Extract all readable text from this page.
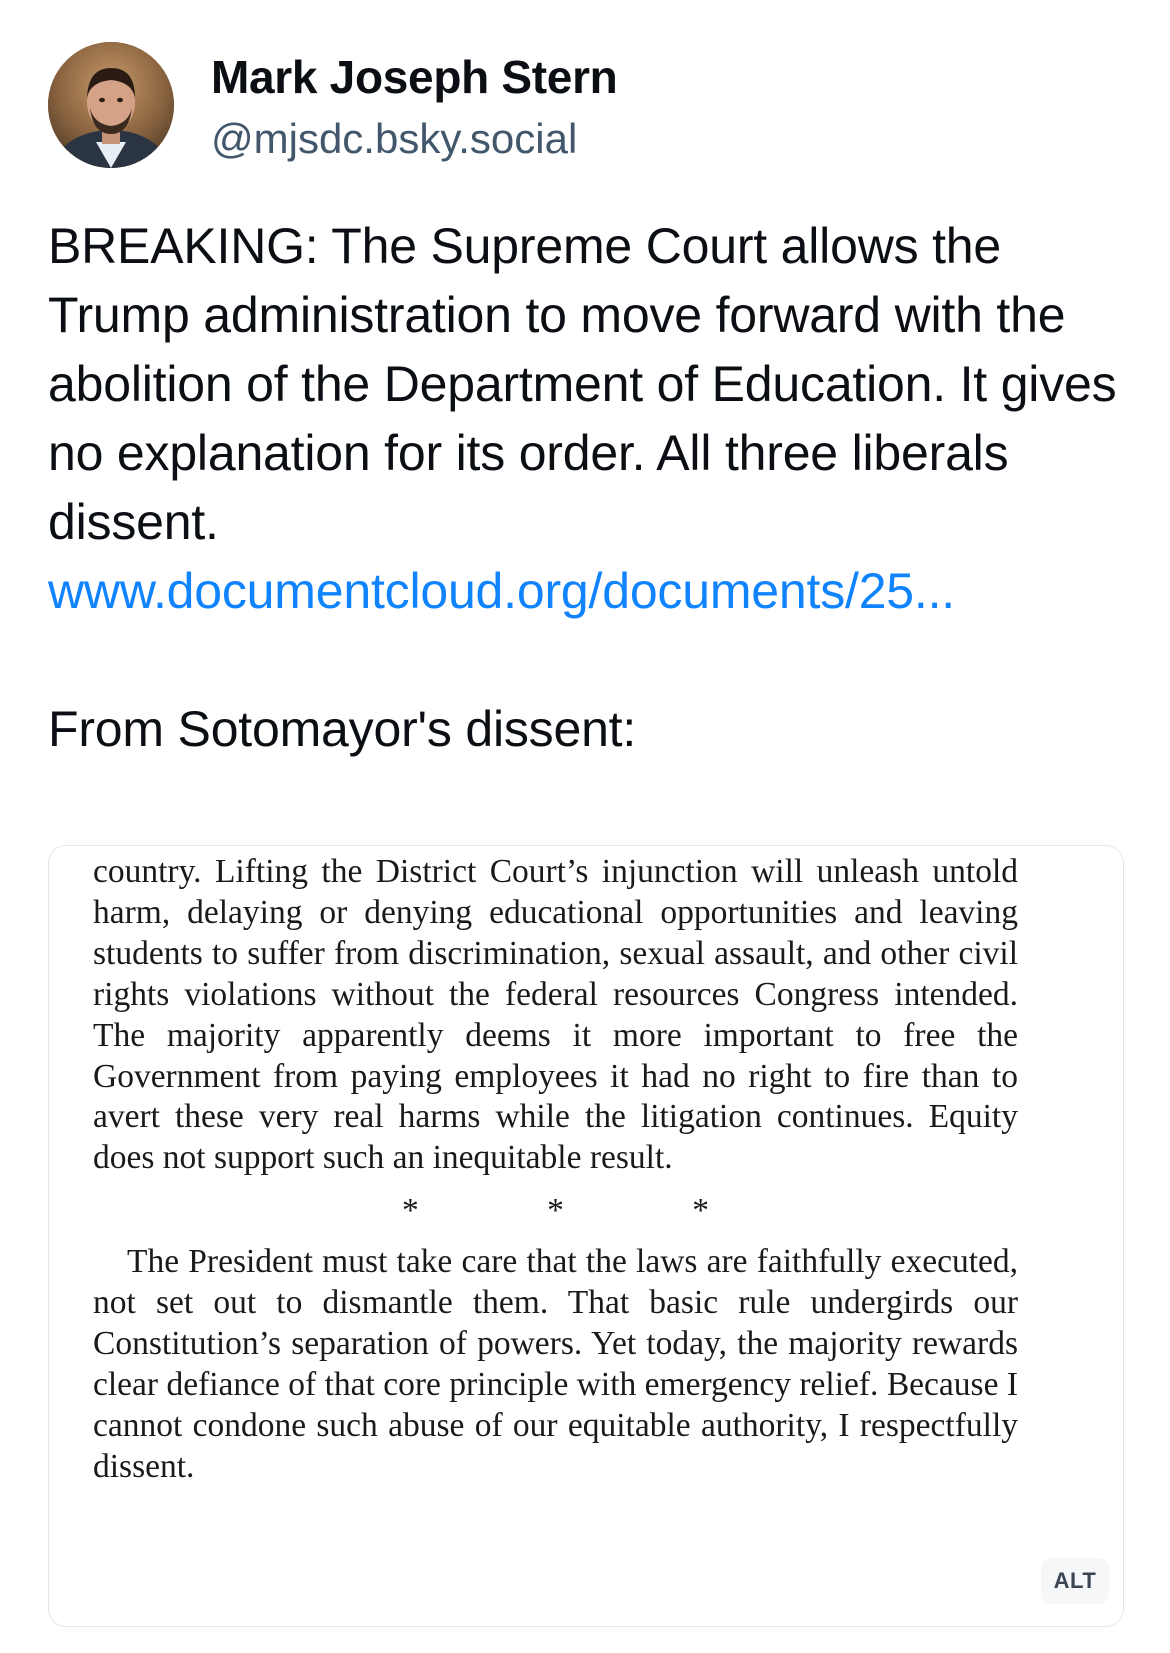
Mark Joseph Stern
@mjsdc.bsky.social

BREAKING: The Supreme Court allows the Trump administration to move forward with the abolition of the Department of Education. It gives no explanation for its order. All three liberals dissent. www.documentcloud.org/documents/25...

From Sotomayor's dissent:

country. Lifting the District Court’s injunction will unleash untold harm, delaying or denying educational opportunities and leaving students to suffer from discrimination, sexual assault, and other civil rights violations without the federal resources Congress intended. The majority apparently deems it more important to free the Government from paying employees it had no right to fire than to avert these very real harms while the litigation continues. Equity does not support such an inequitable result.

* * *

The President must take care that the laws are faithfully executed, not set out to dismantle them. That basic rule undergirds our Constitution’s separation of powers. Yet today, the majority rewards clear defiance of that core principle with emergency relief. Because I cannot condone such abuse of our equitable authority, I respectfully dissent.

ALT
